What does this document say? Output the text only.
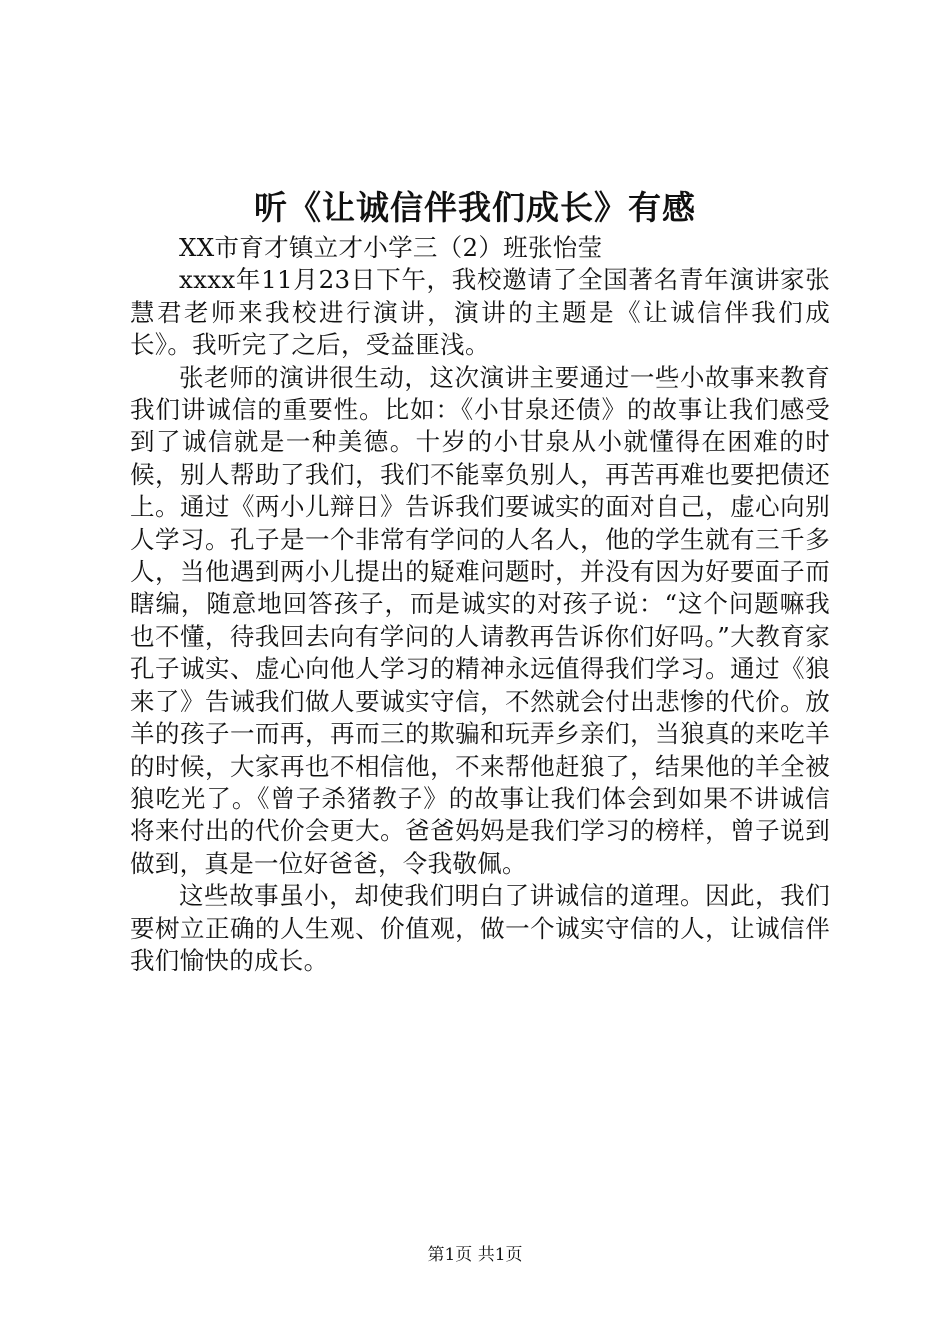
听《让诚信伴我们成长》有感

XX市育才镇立才小学三（2）班张怡莹

xxxx年11月23日下午，我校邀请了全国著名青年演讲家张慧君老师来我校进行演讲，演讲的主题是《让诚信伴我们成长》。我听完了之后，受益匪浅。

张老师的演讲很生动，这次演讲主要通过一些小故事来教育我们讲诚信的重要性。比如：《小甘泉还债》的故事让我们感受到了诚信就是一种美德。十岁的小甘泉从小就懂得在困难的时候，别人帮助了我们，我们不能辜负别人，再苦再难也要把债还上。通过《两小儿辩日》告诉我们要诚实的面对自己，虚心向别人学习。孔子是一个非常有学问的人名人，他的学生就有三千多人，当他遇到两小儿提出的疑难问题时，并没有因为好要面子而瞎编，随意地回答孩子，而是诚实的对孩子说：“这个问题嘛我也不懂，待我回去向有学问的人请教再告诉你们好吗。”大教育家孔子诚实、虚心向他人学习的精神永远值得我们学习。通过《狼来了》告诫我们做人要诚实守信，不然就会付出悲惨的代价。放羊的孩子一而再，再而三的欺骗和玩弄乡亲们，当狼真的来吃羊的时候，大家再也不相信他，不来帮他赶狼了，结果他的羊全被狼吃光了。《曾子杀猪教子》的故事让我们体会到如果不讲诚信将来付出的代价会更大。爸爸妈妈是我们学习的榜样，曾子说到做到，真是一位好爸爸，令我敬佩。

这些故事虽小，却使我们明白了讲诚信的道理。因此，我们要树立正确的人生观、价值观，做一个诚实守信的人，让诚信伴我们愉快的成长。

第1页 共1页
